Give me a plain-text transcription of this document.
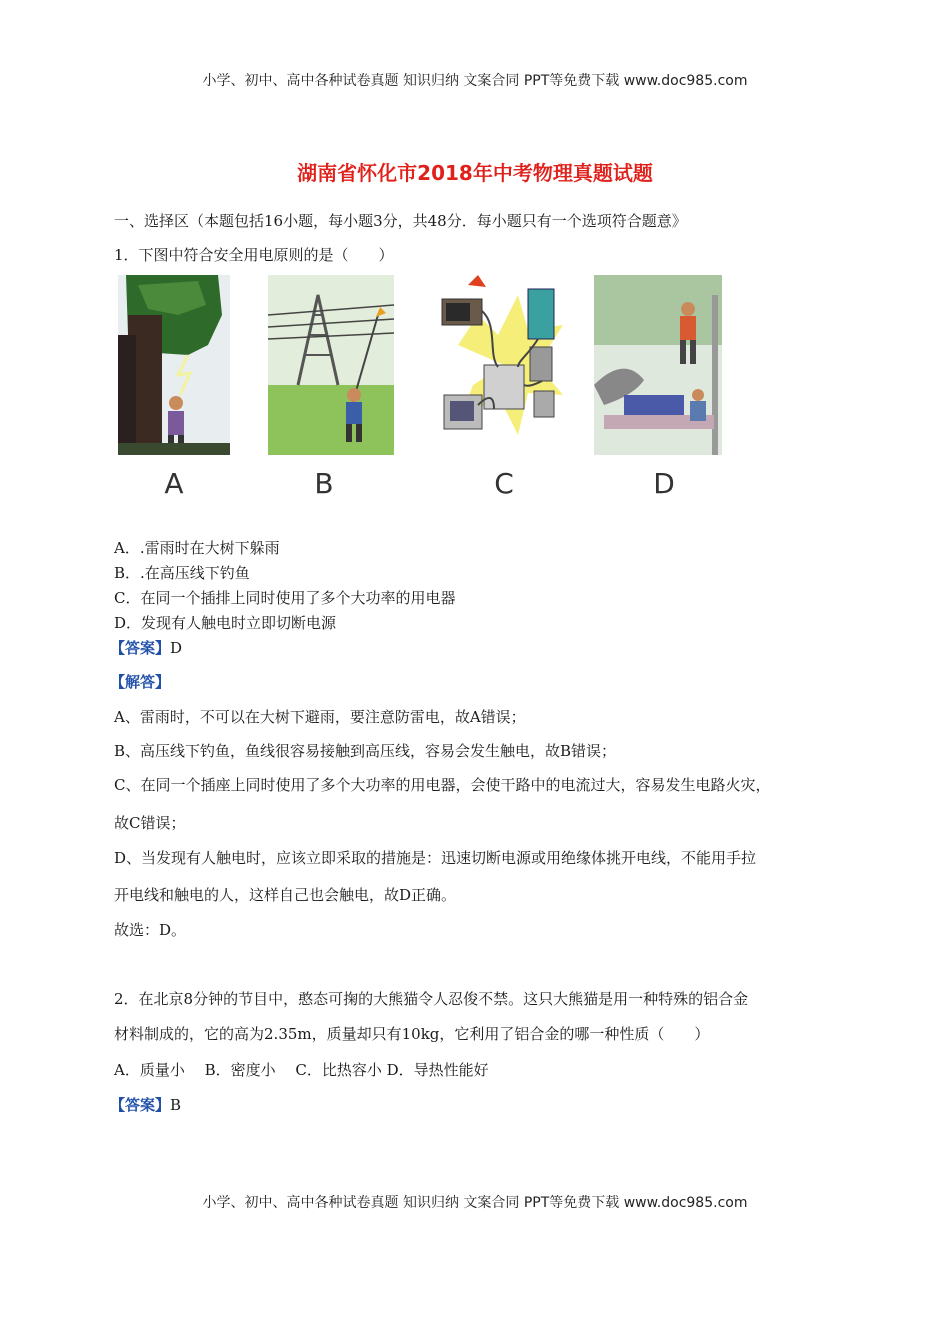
小学、初中、高中各种试卷真题 知识归纳 文案合同 PPT等免费下载 www.doc985.com
湖南省怀化市2018年中考物理真题试题
一、选择区（本题包括16小题，每小题3分，共48分．每小题只有一个选项符合题意》
1．下图中符合安全用电原则的是（　　）
A	B	C	D
A．.雷雨时在大树下躲雨
B．.在高压线下钓鱼
C．在同一个插排上同时使用了多个大功率的用电器
D．发现有人触电时立即切断电源
【答案】D
【解答】
A、雷雨时，不可以在大树下避雨，要注意防雷电，故A错误；
B、高压线下钓鱼，鱼线很容易接触到高压线，容易会发生触电，故B错误；
C、在同一个插座上同时使用了多个大功率的用电器，会使干路中的电流过大，容易发生电路火灾，
故C错误；
D、当发现有人触电时，应该立即采取的措施是：迅速切断电源或用绝缘体挑开电线，不能用手拉
开电线和触电的人，这样自己也会触电，故D正确。
故选：D。
2．在北京8分钟的节目中，憨态可掬的大熊猫令人忍俊不禁。这只大熊猫是用一种特殊的铝合金
材料制成的，它的高为2.35m，质量却只有10kg，它利用了铝合金的哪一种性质（　　）
A．质量小　 B．密度小　 C．比热容小 D．导热性能好
【答案】B
小学、初中、高中各种试卷真题 知识归纳 文案合同 PPT等免费下载 www.doc985.com
